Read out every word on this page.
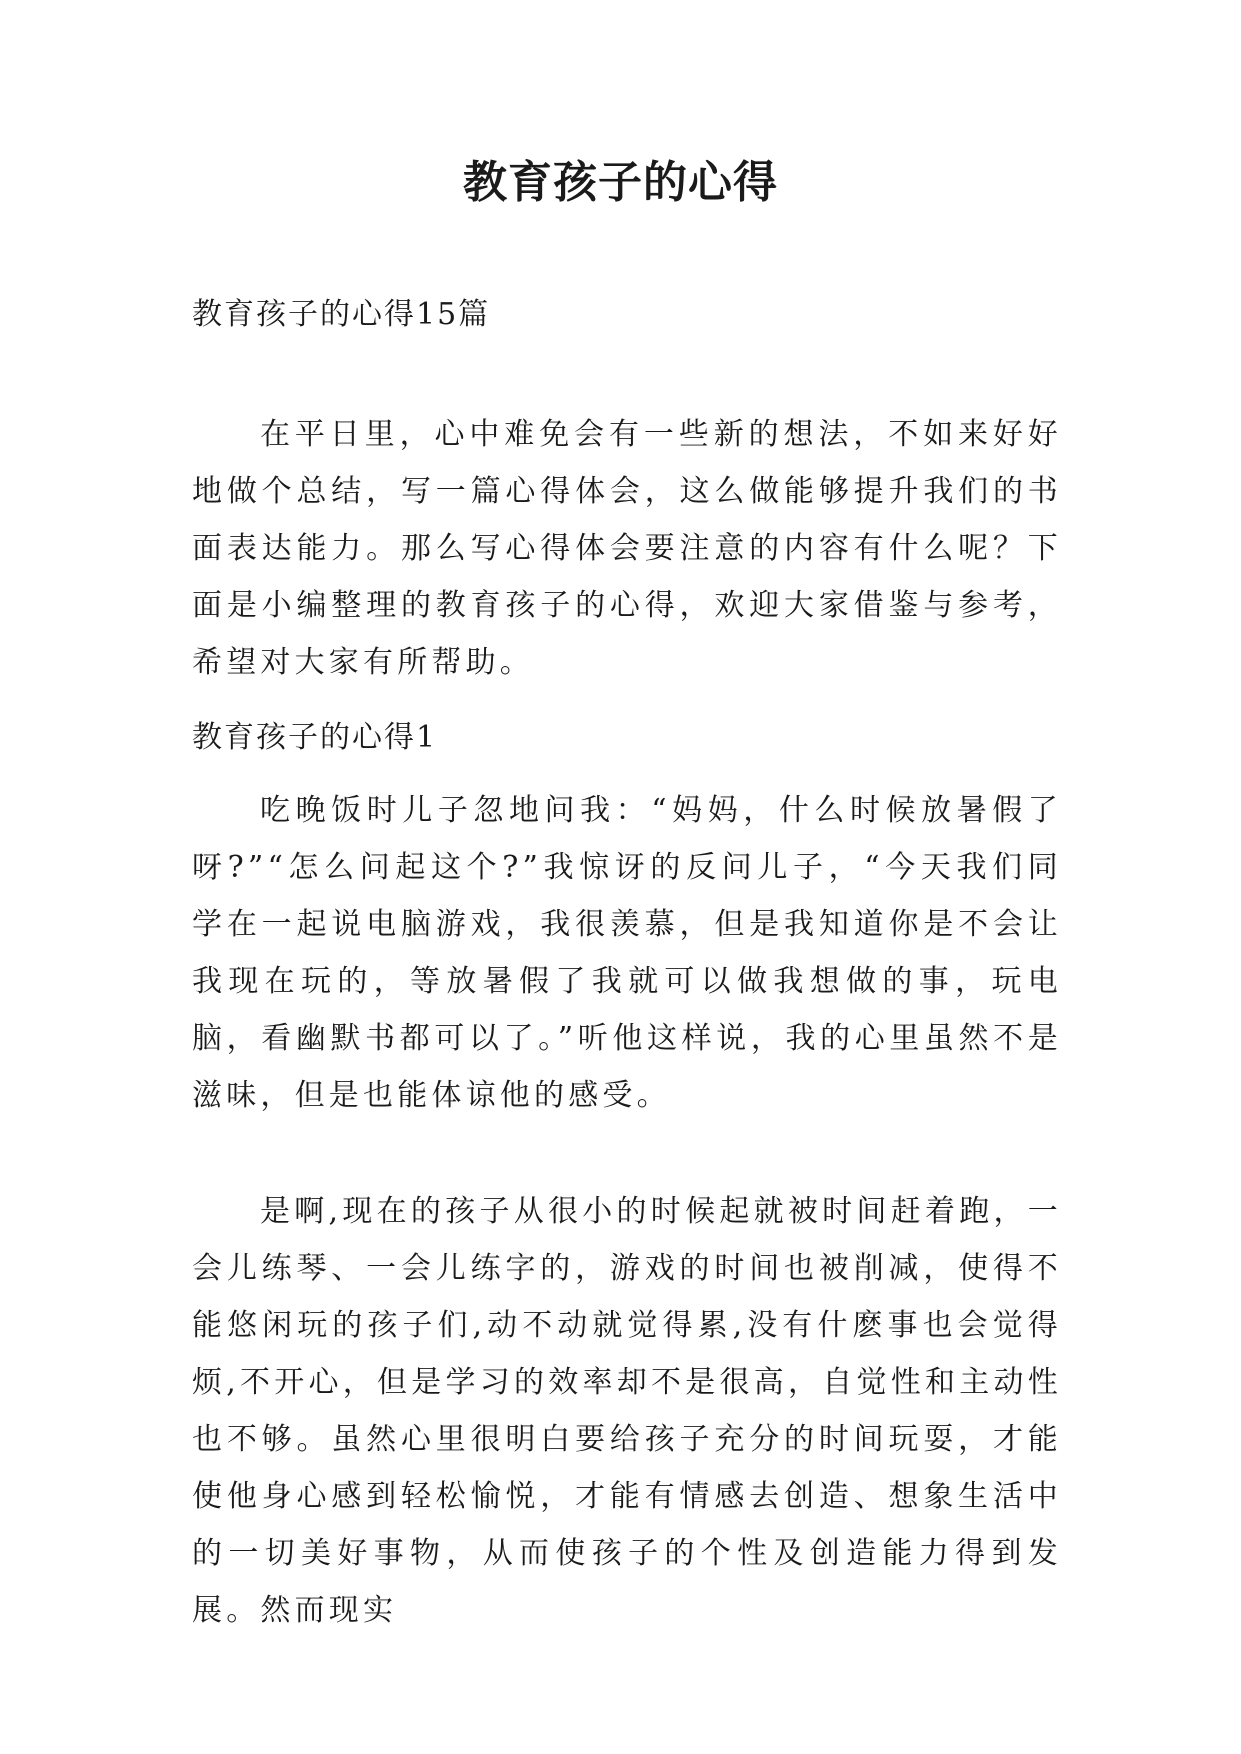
教育孩子的心得

教育孩子的心得15篇

在平日里，心中难免会有一些新的想法，不如来好好地做个总结，写一篇心得体会，这么做能够提升我们的书面表达能力。那么写心得体会要注意的内容有什么呢？下面是小编整理的教育孩子的心得，欢迎大家借鉴与参考，希望对大家有所帮助。

教育孩子的心得1

吃晚饭时儿子忽地问我：“妈妈，什么时候放暑假了呀?”“怎么问起这个?”我惊讶的反问儿子，“今天我们同学在一起说电脑游戏，我很羡慕，但是我知道你是不会让我现在玩的，等放暑假了我就可以做我想做的事，玩电脑，看幽默书都可以了。”听他这样说，我的心里虽然不是滋味，但是也能体谅他的感受。

是啊,现在的孩子从很小的时候起就被时间赶着跑，一会儿练琴、一会儿练字的，游戏的时间也被削减，使得不能悠闲玩的孩子们,动不动就觉得累,没有什麽事也会觉得烦,不开心，但是学习的效率却不是很高，自觉性和主动性也不够。虽然心里很明白要给孩子充分的时间玩耍，才能使他身心感到轻松愉悦，才能有情感去创造、想象生活中的一切美好事物，从而使孩子的个性及创造能力得到发展。然而现实
